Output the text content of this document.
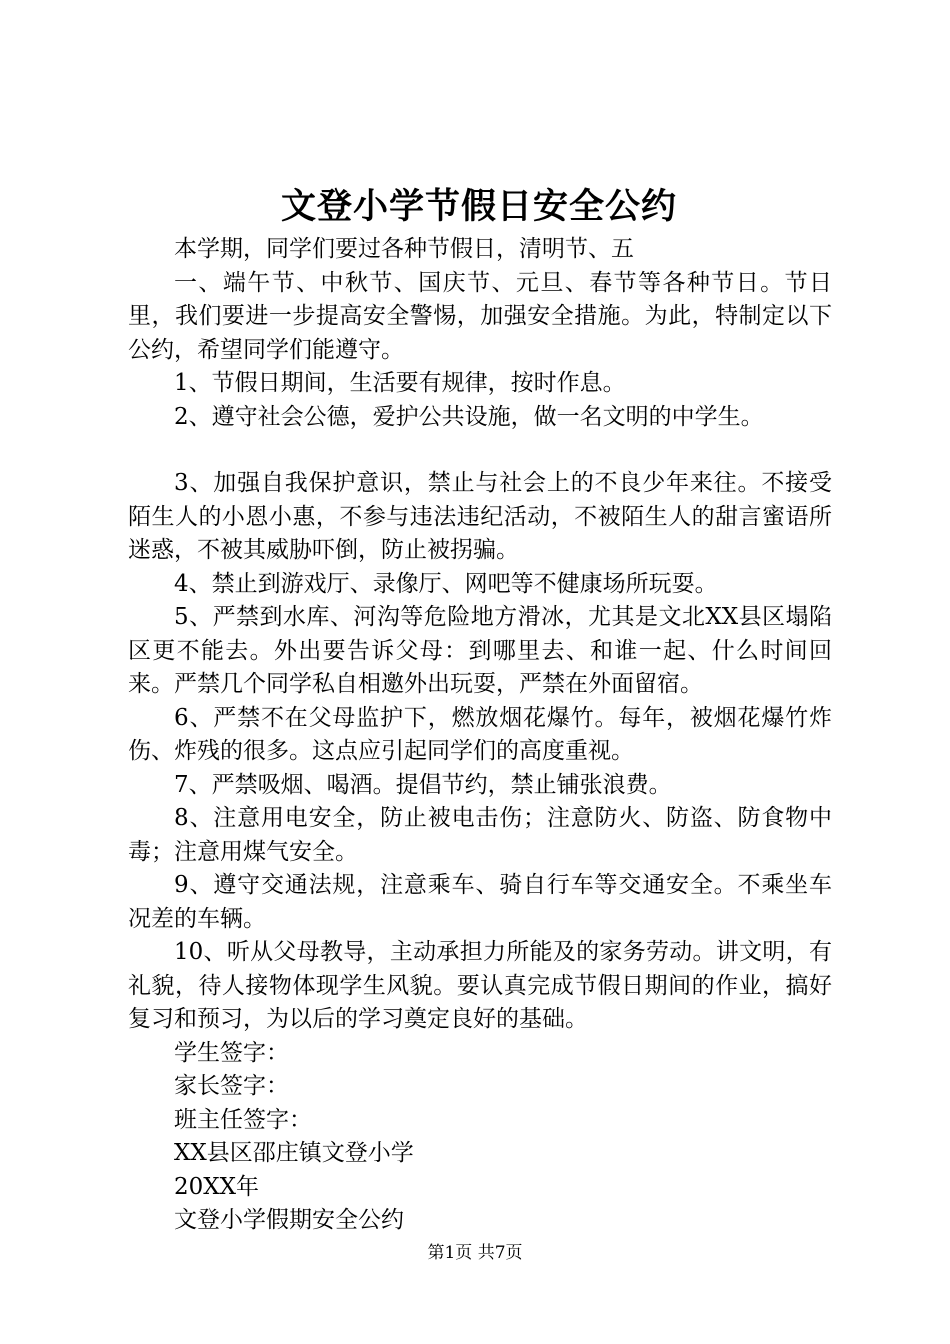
文登小学节假日安全公约

本学期，同学们要过各种节假日，清明节、五

一、端午节、中秋节、国庆节、元旦、春节等各种节日。节日里，我们要进一步提高安全警惕，加强安全措施。为此，特制定以下公约，希望同学们能遵守。

1、节假日期间，生活要有规律，按时作息。

2、遵守社会公德，爱护公共设施，做一名文明的中学生。

3、加强自我保护意识，禁止与社会上的不良少年来往。不接受陌生人的小恩小惠，不参与违法违纪活动，不被陌生人的甜言蜜语所迷惑，不被其威胁吓倒，防止被拐骗。

4、禁止到游戏厅、录像厅、网吧等不健康场所玩耍。

5、严禁到水库、河沟等危险地方滑冰，尤其是文北XX县区塌陷区更不能去。外出要告诉父母：到哪里去、和谁一起、什么时间回来。严禁几个同学私自相邀外出玩耍，严禁在外面留宿。

6、严禁不在父母监护下，燃放烟花爆竹。每年，被烟花爆竹炸伤、炸残的很多。这点应引起同学们的高度重视。

7、严禁吸烟、喝酒。提倡节约，禁止铺张浪费。

8、注意用电安全，防止被电击伤；注意防火、防盗、防食物中毒；注意用煤气安全。

9、遵守交通法规，注意乘车、骑自行车等交通安全。不乘坐车况差的车辆。

10、听从父母教导，主动承担力所能及的家务劳动。讲文明，有礼貌，待人接物体现学生风貌。要认真完成节假日期间的作业，搞好复习和预习，为以后的学习奠定良好的基础。

学生签字：

家长签字：

班主任签字：

XX县区邵庄镇文登小学

20XX年

文登小学假期安全公约

第1页 共7页
